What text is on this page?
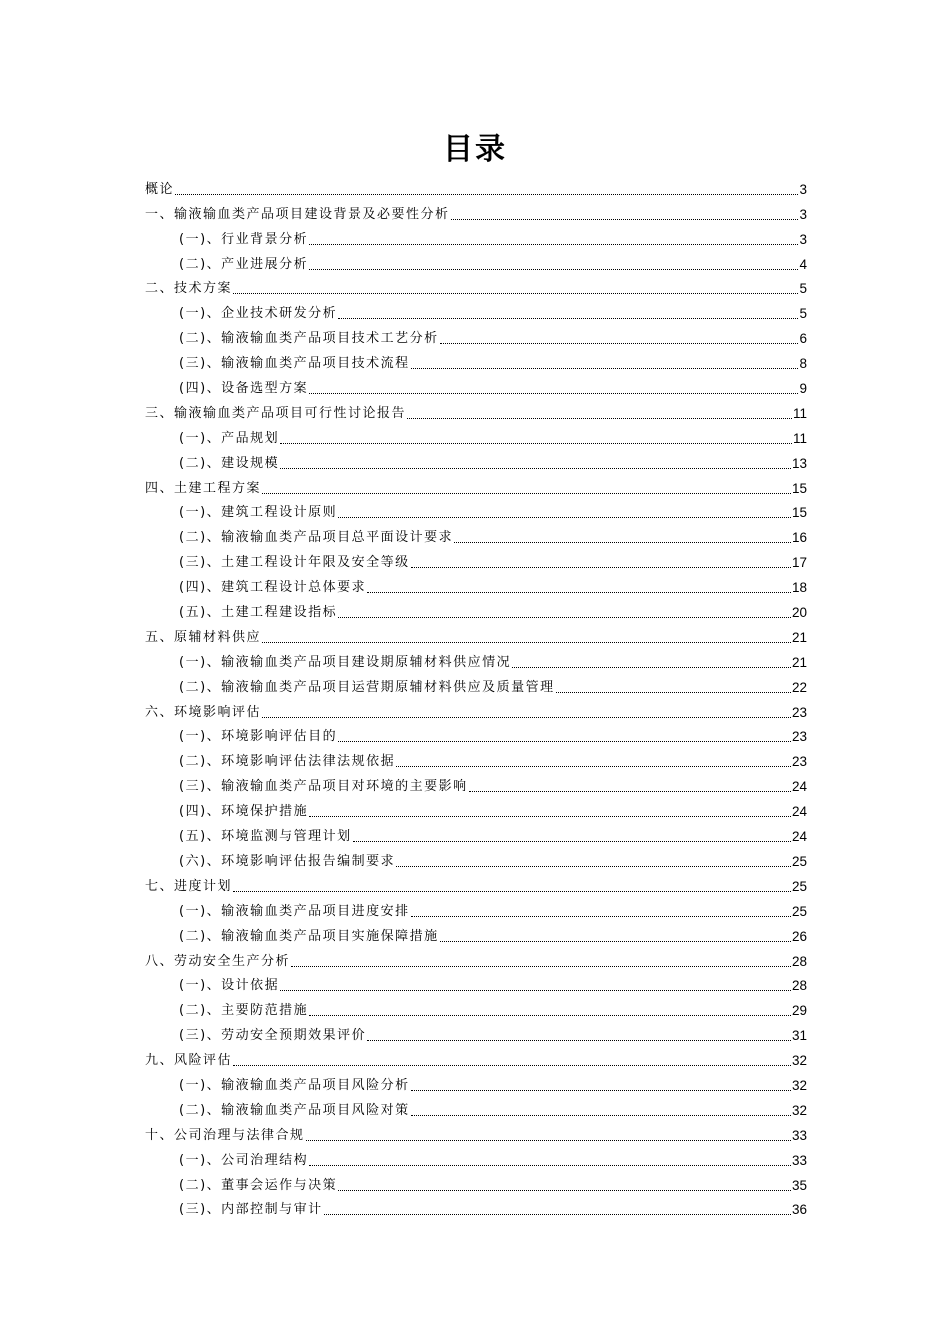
目录
概论	3
一、输液输血类产品项目建设背景及必要性分析	3
(一)、行业背景分析	3
(二)、产业进展分析	4
二、技术方案	5
(一)、企业技术研发分析	5
(二)、输液输血类产品项目技术工艺分析	6
(三)、输液输血类产品项目技术流程	8
(四)、设备选型方案	9
三、输液输血类产品项目可行性讨论报告	11
(一)、产品规划	11
(二)、建设规模	13
四、土建工程方案	15
(一)、建筑工程设计原则	15
(二)、输液输血类产品项目总平面设计要求	16
(三)、土建工程设计年限及安全等级	17
(四)、建筑工程设计总体要求	18
(五)、土建工程建设指标	20
五、原辅材料供应	21
(一)、输液输血类产品项目建设期原辅材料供应情况	21
(二)、输液输血类产品项目运营期原辅材料供应及质量管理	22
六、环境影响评估	23
(一)、环境影响评估目的	23
(二)、环境影响评估法律法规依据	23
(三)、输液输血类产品项目对环境的主要影响	24
(四)、环境保护措施	24
(五)、环境监测与管理计划	24
(六)、环境影响评估报告编制要求	25
七、进度计划	25
(一)、输液输血类产品项目进度安排	25
(二)、输液输血类产品项目实施保障措施	26
八、劳动安全生产分析	28
(一)、设计依据	28
(二)、主要防范措施	29
(三)、劳动安全预期效果评价	31
九、风险评估	32
(一)、输液输血类产品项目风险分析	32
(二)、输液输血类产品项目风险对策	32
十、公司治理与法律合规	33
(一)、公司治理结构	33
(二)、董事会运作与决策	35
(三)、内部控制与审计	36
